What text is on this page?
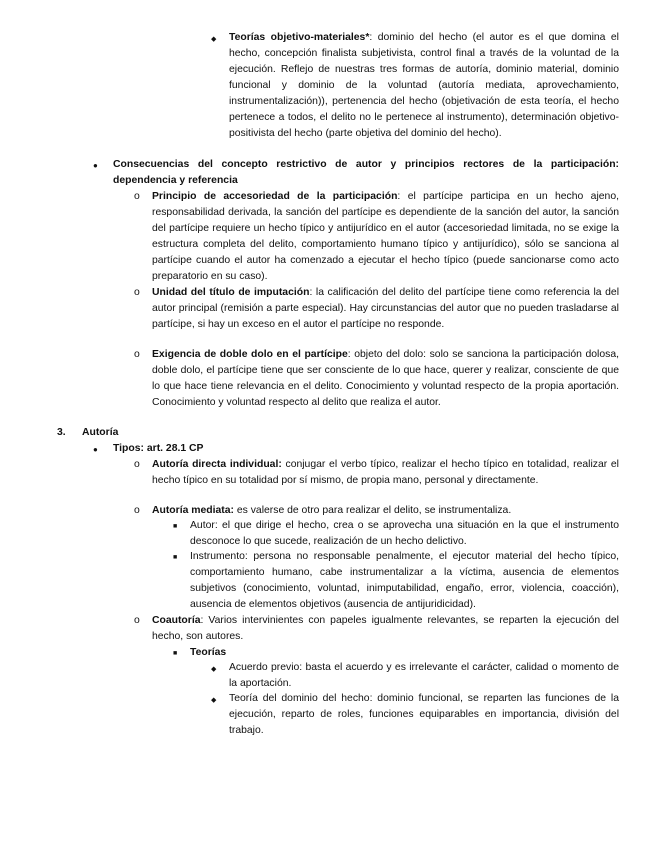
◆ Teorías objetivo-materiales*: dominio del hecho (el autor es el que domina el hecho, concepción finalista subjetivista, control final a través de la voluntad de la ejecución. Reflejo de nuestras tres formas de autoría, dominio material, dominio funcional y dominio de la voluntad (autoría mediata, aprovechamiento, instrumentalización)), pertenencia del hecho (objetivación de esta teoría, el hecho pertenece a todos, el delito no le pertenece al instrumento), determinación objetivo-positivista del hecho (parte objetiva del dominio del hecho).

● Consecuencias del concepto restrictivo de autor y principios rectores de la participación: dependencia y referencia

o Principio de accesoriedad de la participación: el partícipe participa en un hecho ajeno, responsabilidad derivada, la sanción del partícipe es dependiente de la sanción del autor, la sanción del partícipe requiere un hecho típico y antijurídico en el autor (accesoriedad limitada, no se exige la estructura completa del delito, comportamiento humano típico y antijurídico), sólo se sanciona al partícipe cuando el autor ha comenzado a ejecutar el hecho típico (puede sancionarse como acto preparatorio en su caso).

o Unidad del título de imputación: la calificación del delito del partícipe tiene como referencia la del autor principal (remisión a parte especial). Hay circunstancias del autor que no pueden trasladarse al partícipe, si hay un exceso en el autor el partícipe no responde.

o Exigencia de doble dolo en el partícipe: objeto del dolo: solo se sanciona la participación dolosa, doble dolo, el partícipe tiene que ser consciente de lo que hace, querer y realizar, consciente de que lo que hace tiene relevancia en el delito. Conocimiento y voluntad respecto de la propia aportación. Conocimiento y voluntad respecto al delito que realiza el autor.

3. Autoría
● Tipos: art. 28.1 CP

o Autoría directa individual: conjugar el verbo típico, realizar el hecho típico en totalidad, realizar el hecho típico en su totalidad por sí mismo, de propia mano, personal y directamente.

o Autoría mediata: es valerse de otro para realizar el delito, se instrumentaliza.

■ Autor: el que dirige el hecho, crea o se aprovecha una situación en la que el instrumento desconoce lo que sucede, realización de un hecho delictivo.

■ Instrumento: persona no responsable penalmente, el ejecutor material del hecho típico, comportamiento humano, cabe instrumentalizar a la víctima, ausencia de elementos subjetivos (conocimiento, voluntad, inimputabilidad, engaño, error, violencia, coacción), ausencia de elementos objetivos (ausencia de antijuridicidad).

o Coautoría: Varios intervinientes con papeles igualmente relevantes, se reparten la ejecución del hecho, son autores.

■ Teorías

◆ Acuerdo previo: basta el acuerdo y es irrelevante el carácter, calidad o momento de la aportación.

◆ Teoría del dominio del hecho: dominio funcional, se reparten las funciones de la ejecución, reparto de roles, funciones equiparables en importancia, división del trabajo.
